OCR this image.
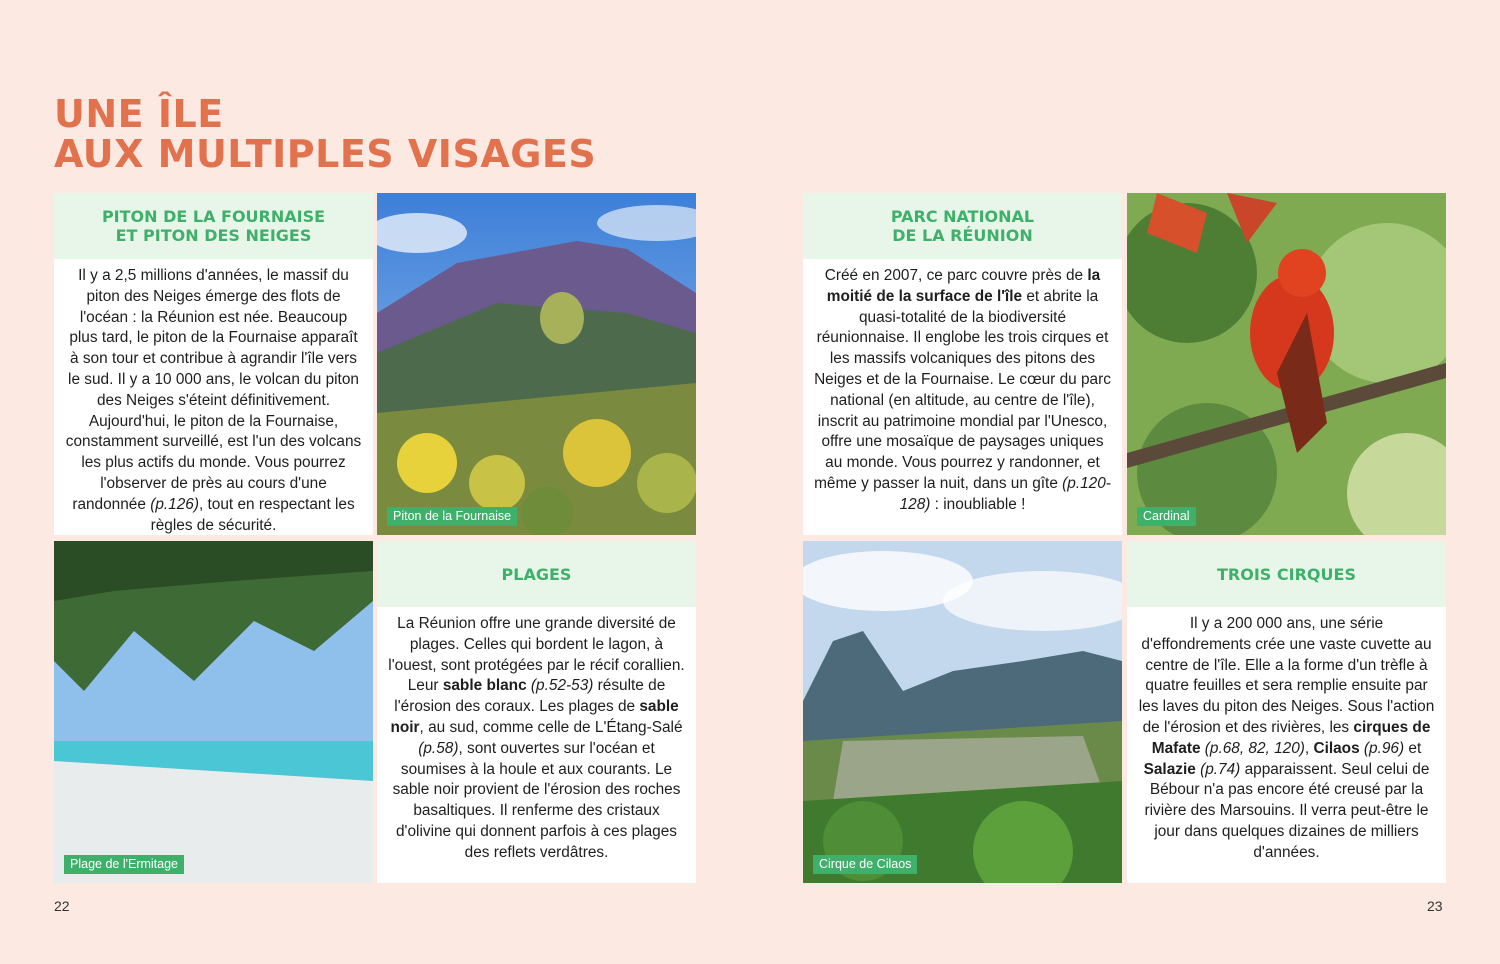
UNE ÎLE
AUX MULTIPLES VISAGES
PITON DE LA FOURNAISE
ET PITON DES NEIGES

Il y a 2,5 millions d'années, le massif du piton des Neiges émerge des flots de l'océan : la Réunion est née. Beaucoup plus tard, le piton de la Fournaise apparaît à son tour et contribue à agrandir l'île vers le sud. Il y a 10 000 ans, le volcan du piton des Neiges s'éteint définitivement. Aujourd'hui, le piton de la Fournaise, constamment surveillé, est l'un des volcans les plus actifs du monde. Vous pourrez l'observer de près au cours d'une randonnée (p.126), tout en respectant les règles de sécurité.

Piton de la Fournaise
Plage de l'Ermitage
PLAGES

La Réunion offre une grande diversité de plages. Celles qui bordent le lagon, à l'ouest, sont protégées par le récif corallien. Leur sable blanc (p.52-53) résulte de l'érosion des coraux. Les plages de sable noir, au sud, comme celle de L'Étang-Salé (p.58), sont ouvertes sur l'océan et soumises à la houle et aux courants. Le sable noir provient de l'érosion des roches basaltiques. Il renferme des cristaux d'olivine qui donnent parfois à ces plages des reflets verdâtres.

22
PARC NATIONAL
DE LA RÉUNION

Créé en 2007, ce parc couvre près de la moitié de la surface de l'île et abrite la quasi-totalité de la biodiversité réunionnaise. Il englobe les trois cirques et les massifs volcaniques des pitons des Neiges et de la Fournaise. Le cœur du parc national (en altitude, au centre de l'île), inscrit au patrimoine mondial par l'Unesco, offre une mosaïque de paysages uniques au monde. Vous pourrez y randonner, et même y passer la nuit, dans un gîte (p.120-128) : inoubliable !

Cardinal
Cirque de Cilaos
TROIS CIRQUES

Il y a 200 000 ans, une série d'effondrements crée une vaste cuvette au centre de l'île. Elle a la forme d'un trèfle à quatre feuilles et sera remplie ensuite par les laves du piton des Neiges. Sous l'action de l'érosion et des rivières, les cirques de Mafate (p.68, 82, 120), Cilaos (p.96) et Salazie (p.74) apparaissent. Seul celui de Bébour n'a pas encore été creusé par la rivière des Marsouins. Il verra peut-être le jour dans quelques dizaines de milliers d'années.

23
